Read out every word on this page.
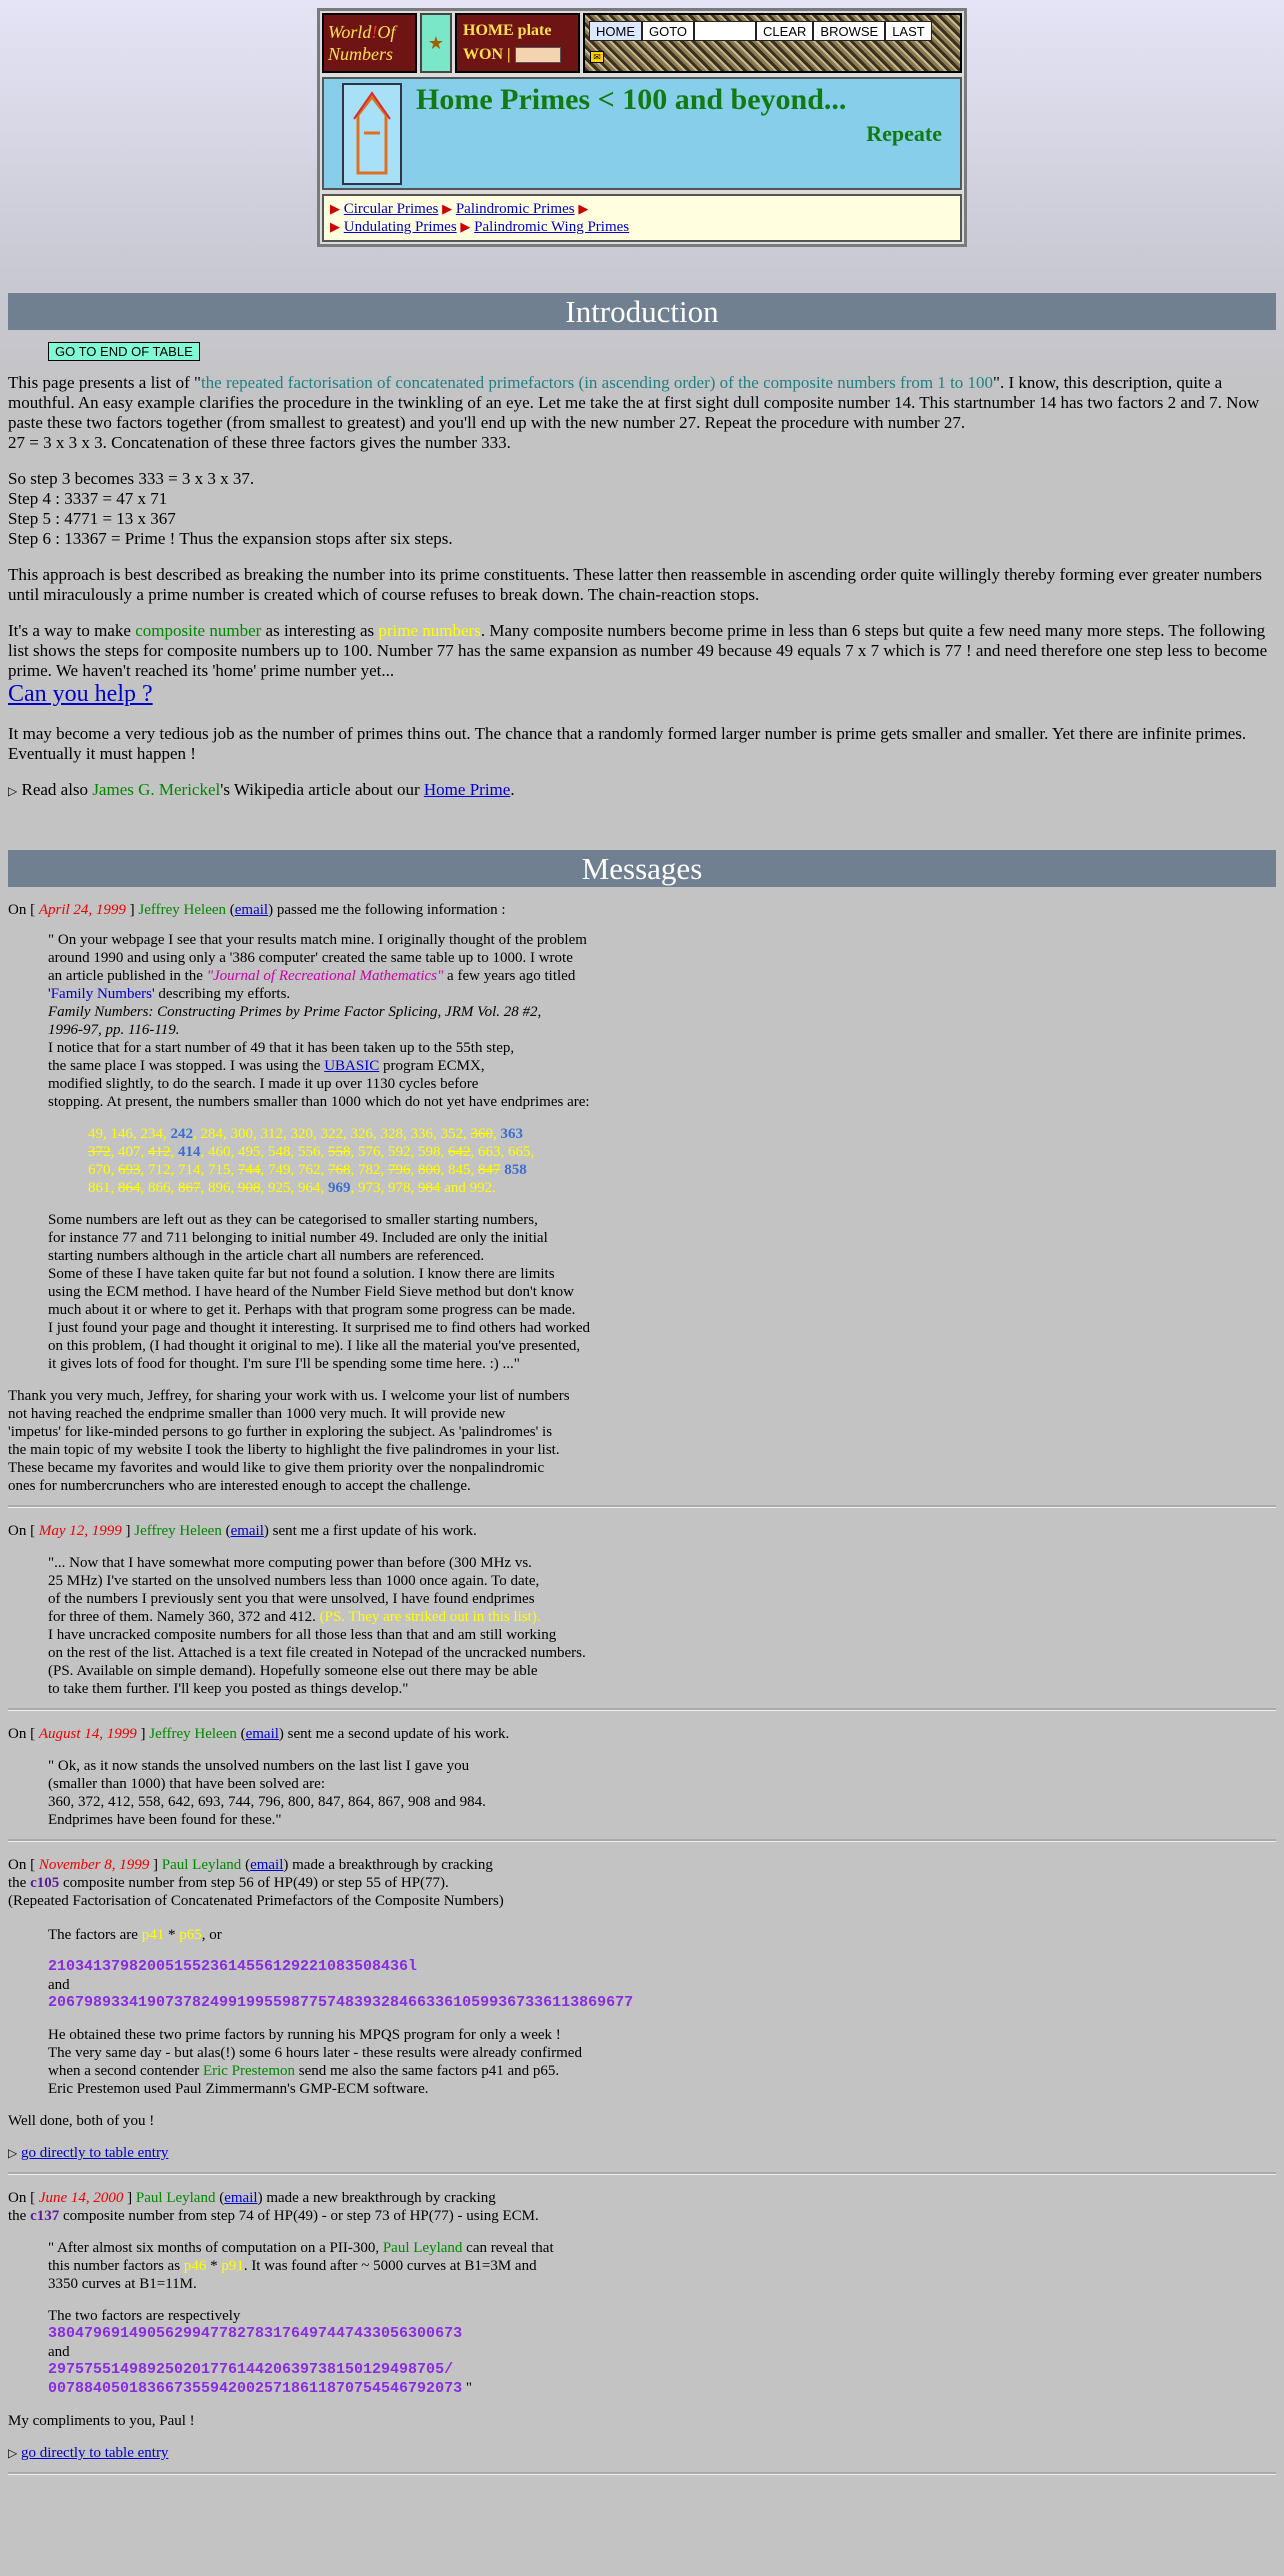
World!Of
Numbers
★
HOME plate
WON |
HOME	GOTO	CLEAR	BROWSE	LAST
✉
Home Primes < 100 and beyond...
Repeate
▶ Circular Primes ▶ Palindromic Primes ▶
▶ Undulating Primes ▶ Palindromic Wing Primes
Introduction
GO TO END OF TABLE

This page presents a list of "the repeated factorisation of concatenated primefactors (in ascending order) of the composite numbers from 1 to 100". I know, this description, quite a mouthful. An easy example clarifies the procedure in the twinkling of an eye. Let me take the at first sight dull composite number 14. This startnumber 14 has two factors 2 and 7. Now paste these two factors together (from smallest to greatest) and you'll end up with the new number 27. Repeat the procedure with number 27.
27 = 3 x 3 x 3. Concatenation of these three factors gives the number 333.

So step 3 becomes 333 = 3 x 3 x 37.
Step 4 : 3337 = 47 x 71
Step 5 : 4771 = 13 x 367
Step 6 : 13367 = Prime ! Thus the expansion stops after six steps.

This approach is best described as breaking the number into its prime constituents. These latter then reassemble in ascending order quite willingly thereby forming ever greater numbers until miraculously a prime number is created which of course refuses to break down. The chain-reaction stops.

It's a way to make composite number as interesting as prime numbers. Many composite numbers become prime in less than 6 steps but quite a few need many more steps. The following list shows the steps for composite numbers up to 100. Number 77 has the same expansion as number 49 because 49 equals 7 x 7 which is 77 ! and need therefore one step less to become prime. We haven't reached its 'home' prime number yet...

Can you help ?

It may become a very tedious job as the number of primes thins out. The chance that a randomly formed larger number is prime gets smaller and smaller. Yet there are infinite primes. Eventually it must happen !

▷ Read also James G. Merickel's Wikipedia article about our Home Prime.

Messages

On [ April 24, 1999 ] Jeffrey Heleen (email) passed me the following information :

" On your webpage I see that your results match mine. I originally thought of the problem
around 1990 and using only a '386 computer' created the same table up to 1000. I wrote
an article published in the "Journal of Recreational Mathematics" a few years ago titled
'Family Numbers' describing my efforts.
Family Numbers: Constructing Primes by Prime Factor Splicing, JRM Vol. 28 #2,
1996-97, pp. 116-119.
I notice that for a start number of 49 that it has been taken up to the 55th step,
the same place I was stopped. I was using the UBASIC program ECMX,
modified slightly, to do the search. I made it up over 1130 cycles before
stopping. At present, the numbers smaller than 1000 which do not yet have endprimes are:
49, 146, 234, 242, 284, 300, 312, 320, 322, 326, 328, 336, 352, 360, 363
372, 407, 412, 414, 460, 495, 548, 556, 558, 576, 592, 598, 642, 663, 665,
670, 693, 712, 714, 715, 744, 749, 762, 768, 782, 796, 800, 845, 847 858
861, 864, 866, 867, 896, 908, 925, 964, 969, 973, 978, 984 and 992.
Some numbers are left out as they can be categorised to smaller starting numbers,
for instance 77 and 711 belonging to initial number 49. Included are only the initial
starting numbers although in the article chart all numbers are referenced.
Some of these I have taken quite far but not found a solution. I know there are limits
using the ECM method. I have heard of the Number Field Sieve method but don't know
much about it or where to get it. Perhaps with that program some progress can be made.
I just found your page and thought it interesting. It surprised me to find others had worked
on this problem, (I had thought it original to me). I like all the material you've presented,
it gives lots of food for thought. I'm sure I'll be spending some time here. :) ..."
Thank you very much, Jeffrey, for sharing your work with us. I welcome your list of numbers
not having reached the endprime smaller than 1000 very much. It will provide new
'impetus' for like-minded persons to go further in exploring the subject. As 'palindromes' is
the main topic of my website I took the liberty to highlight the five palindromes in your list.
These became my favorites and would like to give them priority over the nonpalindromic
ones for numbercrunchers who are interested enough to accept the challenge.

On [ May 12, 1999 ] Jeffrey Heleen (email) sent me a first update of his work.

"... Now that I have somewhat more computing power than before (300 MHz vs.
25 MHz) I've started on the unsolved numbers less than 1000 once again. To date,
of the numbers I previously sent you that were unsolved, I have found endprimes
for three of them. Namely 360, 372 and 412. (PS. They are striked out in this list).
I have uncracked composite numbers for all those less than that and am still working
on the rest of the list. Attached is a text file created in Notepad of the uncracked numbers.
(PS. Available on simple demand). Hopefully someone else out there may be able
to take them further. I'll keep you posted as things develop."

On [ August 14, 1999 ] Jeffrey Heleen (email) sent me a second update of his work.

" Ok, as it now stands the unsolved numbers on the last list I gave you
(smaller than 1000) that have been solved are:
360, 372, 412, 558, 642, 693, 744, 796, 800, 847, 864, 867, 908 and 984.
Endprimes have been found for these."

On [ November 8, 1999 ] Paul Leyland (email) made a breakthrough by cracking

the c105 composite number from step 56 of HP(49) or step 55 of HP(77).

(Repeated Factorisation of Concatenated Primefactors of the Composite Numbers)

The factors are p41 * p65, or
2103413798200515523614556129221083508436l
and
20679893341907378249919955987757483932846633610599367336113869677
He obtained these two prime factors by running his MPQS program for only a week !
The very same day - but alas(!) some 6 hours later - these results were already confirmed
when a second contender Eric Prestemon send me also the same factors p41 and p65.
Eric Prestemon used Paul Zimmermann's GMP-ECM software.

Well done, both of you !

▷ go directly to table entry

On [ June 14, 2000 ] Paul Leyland (email) made a new breakthrough by cracking

the c137 composite number from step 74 of HP(49) - or step 73 of HP(77) - using ECM.

" After almost six months of computation on a PII-300, Paul Leyland can reveal that
this number factors as p46 * p91. It was found after ~ 5000 curves at B1=3M and
3350 curves at B1=11M.
The two factors are respectively
3804796914905629947782783176497447433056300673
and
29757551498925020177614420639738150129498705/
0078840501836673559420025718611870754546792073 "

My compliments to you, Paul !

▷ go directly to table entry
